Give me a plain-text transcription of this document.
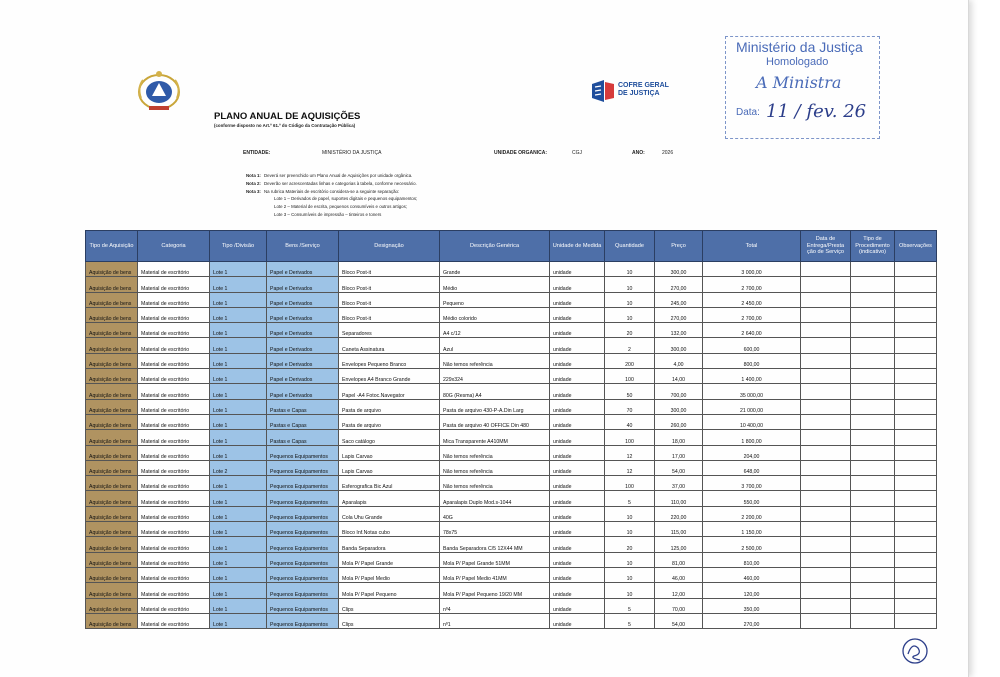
PLANO ANUAL DE AQUISIÇÕES
(conforme disposto no Art.º 61.º do Código da Contratação Pública)
COFRE GERAL
DE JUSTIÇA
Ministério da Justiça
Homologado
A Ministra
Data: 11 / fev. 26
ENTIDADE:	MINISTÉRIO DA JUSTIÇA	UNIDADE ORGANICA:	CGJ	ANO:	2026
Nota 1: Deverá ser preenchido um Plano Anual de Aquisições por unidade orgânica.
Nota 2: Deverão ser acrescentadas linhas e categorias à tabela, conforme necessário.
Nota 3: Na rubrica Materiais de escritório considera-se a seguinte separação:
Lote 1 – Derivados de papel, suportes digitais e pequenos equipamentos;
Lote 2 – Material de escrita, pequenos consumíveis e outros artigos;
Lote 3 – Consumíveis de impressão – tinteiros e toners
Tipo de Aquisição	Categoria	Tipo /Divisão	Bens /Serviço	Designação	Descrição Genérica	Unidade de Medida	Quantidade	Preço	Total	Data de Entrega/Presta ção de Serviço	Tipo de Procedimento (indicativo)	Observações
Aquisição de bens	Material de escritório	Lote 1	Papel e Derivados	Bloco Post-it	Grande	unidade	10	300,00	3 000,00			
Aquisição de bens	Material de escritório	Lote 1	Papel e Derivados	Bloco Post-it	Médio	unidade	10	270,00	2 700,00			
Aquisição de bens	Material de escritório	Lote 1	Papel e Derivados	Bloco Post-it	Pequeno	unidade	10	245,00	2 450,00			
Aquisição de bens	Material de escritório	Lote 1	Papel e Derivados	Bloco Post-it	Médio colorido	unidade	10	270,00	2 700,00			
Aquisição de bens	Material de escritório	Lote 1	Papel e Derivados	Separadores	A4 c/12	unidade	20	132,00	2 640,00			
Aquisição de bens	Material de escritório	Lote 1	Papel e Derivados	Caneta Assinatura	Azul	unidade	2	300,00	600,00			
Aquisição de bens	Material de escritório	Lote 1	Papel e Derivados	Envelopes Pequeno Branco	Não temos referência	unidade	200	4,00	800,00			
Aquisição de bens	Material de escritório	Lote 1	Papel e Derivados	Envelopes A4 Branco Grande	229x324	unidade	100	14,00	1 400,00			
Aquisição de bens	Material de escritório	Lote 1	Papel e Derivados	Papel -A4 Fotoc.Navegator	80G (Resma) A4	unidade	50	700,00	35 000,00			
Aquisição de bens	Material de escritório	Lote 1	Pastas e Capas	Pasta de arquivo	Pasta de arquivo 430-P-A.Din Larg	unidade	70	300,00	21 000,00			
Aquisição de bens	Material de escritório	Lote 1	Pastas e Capas	Pasta de arquivo	Pasta de arquivo 40 OFFICE Din 480	unidade	40	260,00	10 400,00			
Aquisição de bens	Material de escritório	Lote 1	Pastas e Capas	Saco catálogo	Mica Transparente A410MM	unidade	100	18,00	1 800,00			
Aquisição de bens	Material de escritório	Lote 1	Pequenos Equipamentos	Lapis Carvao	Não temos referência	unidade	12	17,00	204,00			
Aquisição de bens	Material de escritório	Lote 2	Pequenos Equipamentos	Lapis Carvao	Não temos referência	unidade	12	54,00	648,00			
Aquisição de bens	Material de escritório	Lote 1	Pequenos Equipamentos	Esferografica Bic Azul	Não temos referência	unidade	100	37,00	3 700,00			
Aquisição de bens	Material de escritório	Lote 1	Pequenos Equipamentos	Aparalapis	Aparalapis Duplo Mod.s-1044	unidade	5	110,00	550,00			
Aquisição de bens	Material de escritório	Lote 1	Pequenos Equipamentos	Cola Uhu Grande	40G	unidade	10	220,00	2 200,00			
Aquisição de bens	Material de escritório	Lote 1	Pequenos Equipamentos	Bloco Inf.Notas cubo	78x75	unidade	10	115,00	1 150,00			
Aquisição de bens	Material de escritório	Lote 1	Pequenos Equipamentos	Banda Separadora	Banda Separadora C/5 12X44 MM	unidade	20	125,00	2 500,00			
Aquisição de bens	Material de escritório	Lote 1	Pequenos Equipamentos	Mola P/ Papel Grande	Mola P/ Papel Grande 51MM	unidade	10	81,00	810,00			
Aquisição de bens	Material de escritório	Lote 1	Pequenos Equipamentos	Mola P/ Papel Medio	Mola P/ Papel Medio 41MM	unidade	10	46,00	460,00			
Aquisição de bens	Material de escritório	Lote 1	Pequenos Equipamentos	Mola P/ Papel Pequeno	Mola P/ Papel Pequeno 19/20 MM	unidade	10	12,00	120,00			
Aquisição de bens	Material de escritório	Lote 1	Pequenos Equipamentos	Clips	nº4	unidade	5	70,00	350,00			
Aquisição de bens	Material de escritório	Lote 1	Pequenos Equipamentos	Clips	nº1	unidade	5	54,00	270,00			
